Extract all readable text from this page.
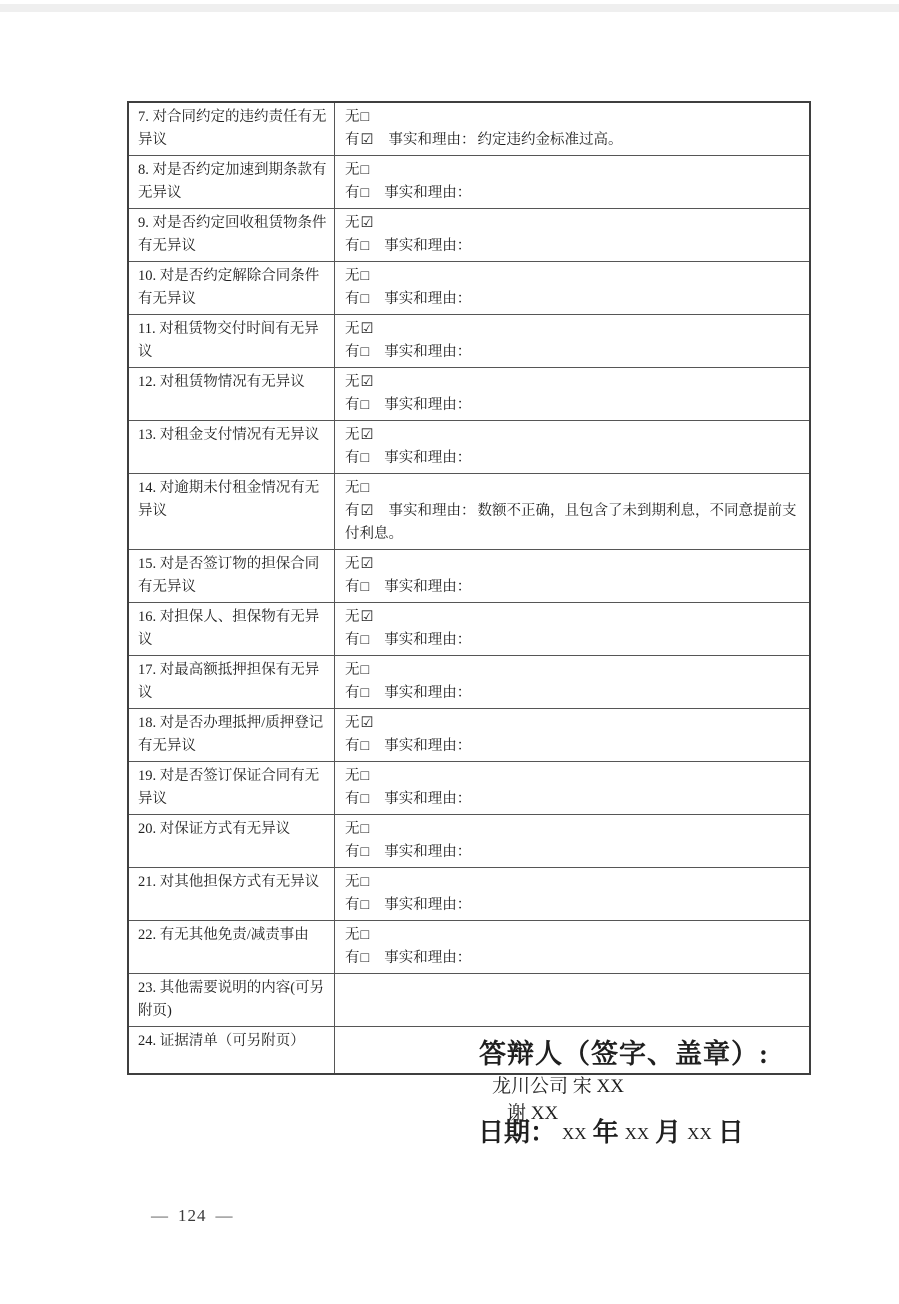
7. 对合同约定的违约责任有无异议
无□
有☑ 事实和理由： 约定违约金标准过高。
8. 对是否约定加速到期条款有无异议
无□
有□ 事实和理由：
9. 对是否约定回收租赁物条件有无异议
无☑
有□ 事实和理由：
10. 对是否约定解除合同条件有无异议
无□
有□ 事实和理由：
11. 对租赁物交付时间有无异议
无☑
有□ 事实和理由：
12. 对租赁物情况有无异议	无☑
有□ 事实和理由：
13. 对租金支付情况有无异议	无☑
有□ 事实和理由：
14. 对逾期未付租金情况有无异议
无□
有☑ 事实和理由： 数额不正确，且包含了未到期利息，不同意提前支付利息。
15. 对是否签订物的担保合同有无异议
无☑
有□ 事实和理由：
16. 对担保人、担保物有无异议
无☑
有□ 事实和理由：
17. 对最高额抵押担保有无异议
无□
有□ 事实和理由：
18. 对是否办理抵押/质押登记有无异议
无☑
有□ 事实和理由：
19. 对是否签订保证合同有无异议
无□
有□ 事实和理由：
20. 对保证方式有无异议	无□
有□ 事实和理由：
21. 对其他担保方式有无异议	无□
有□ 事实和理由：
22. 有无其他免责/减责事由	无□
有□ 事实和理由：
23. 其他需要说明的内容(可另附页)
24. 证据清单（可另附页）	答辩人（签字、盖章）:
龙川公司 宋 XX
谢 XX
日期： XX 年 XX 月 XX 日
— 124 —
